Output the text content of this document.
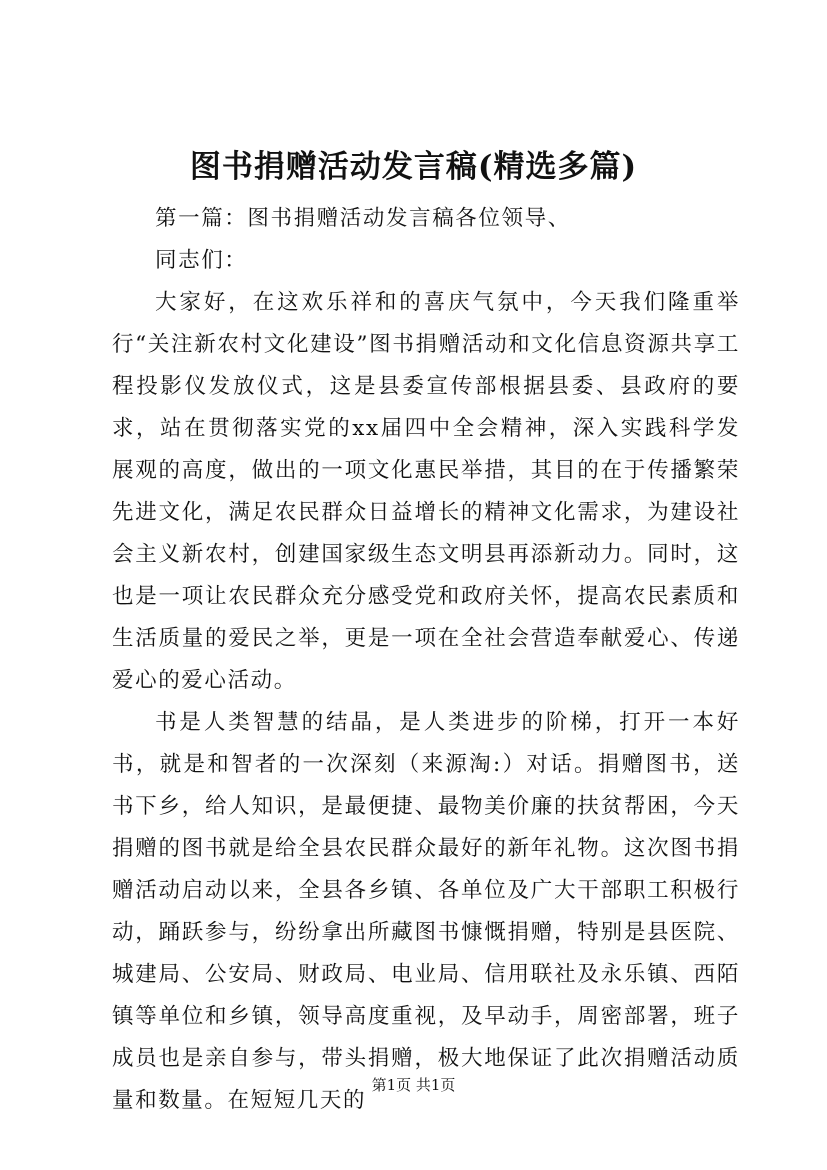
图书捐赠活动发言稿(精选多篇)

第一篇：图书捐赠活动发言稿各位领导、

同志们：

大家好，在这欢乐祥和的喜庆气氛中，今天我们隆重举行“关注新农村文化建设”图书捐赠活动和文化信息资源共享工程投影仪发放仪式，这是县委宣传部根据县委、县政府的要求，站在贯彻落实党的xx届四中全会精神，深入实践科学发展观的高度，做出的一项文化惠民举措，其目的在于传播繁荣先进文化，满足农民群众日益增长的精神文化需求，为建设社会主义新农村，创建国家级生态文明县再添新动力。同时，这也是一项让农民群众充分感受党和政府关怀，提高农民素质和生活质量的爱民之举，更是一项在全社会营造奉献爱心、传递爱心的爱心活动。

书是人类智慧的结晶，是人类进步的阶梯，打开一本好书，就是和智者的一次深刻（来源淘:）对话。捐赠图书，送书下乡，给人知识，是最便捷、最物美价廉的扶贫帮困，今天捐赠的图书就是给全县农民群众最好的新年礼物。这次图书捐赠活动启动以来，全县各乡镇、各单位及广大干部职工积极行动，踊跃参与，纷纷拿出所藏图书慷慨捐赠，特别是县医院、城建局、公安局、财政局、电业局、信用联社及永乐镇、西陌镇等单位和乡镇，领导高度重视，及早动手，周密部署，班子成员也是亲自参与，带头捐赠，极大地保证了此次捐赠活动质量和数量。在短短几天的

第1页 共1页
